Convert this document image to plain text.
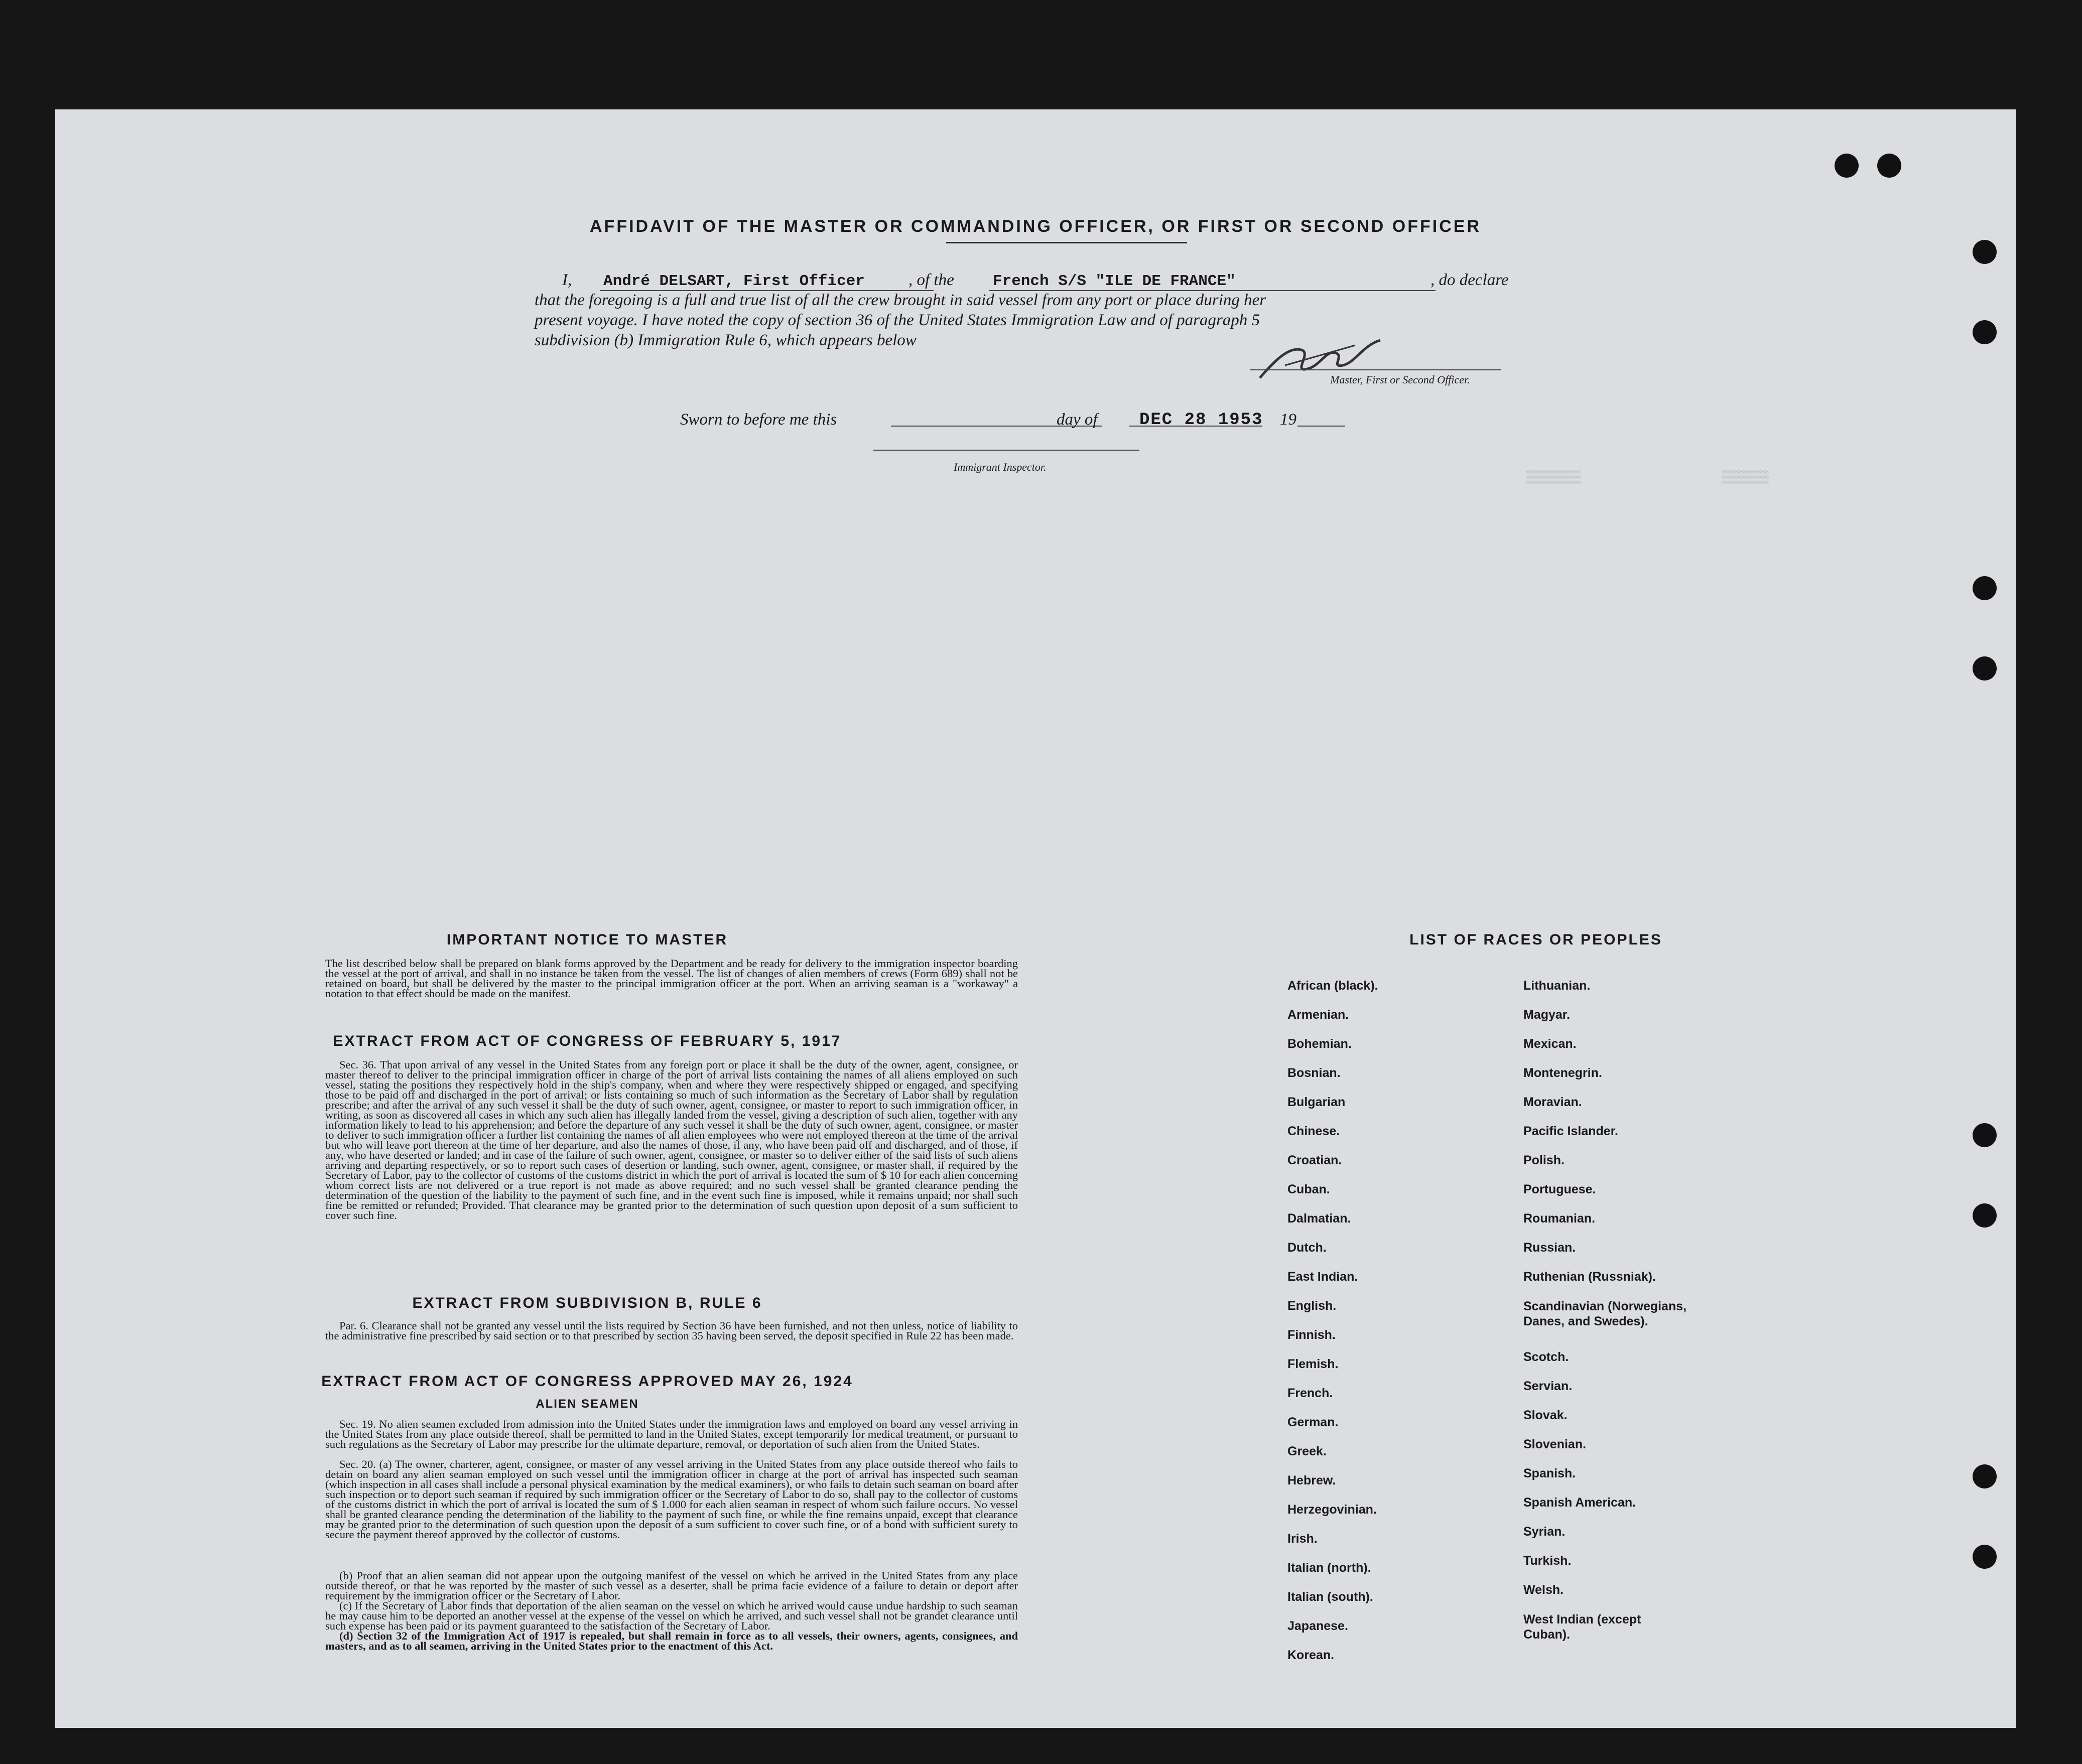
▒▒▒▒▒▒▒	▒▒▒▒▒▒
AFFIDAVIT OF THE MASTER OR COMMANDING OFFICER, OR FIRST OR SECOND OFFICER
I, André DELSART, First Officer	, of the French S/S "ILE DE FRANCE"	, do declare
that the foregoing is a full and true list of all the crew brought in said vessel from any port or place during her
present voyage. I have noted the copy of section 36 of the United States Immigration Law and of paragraph 5
subdivision (b) Immigration Rule 6, which appears below
Master, First or Second Officer.
Sworn to before me this	day of DEC 28 1953 19
Immigrant Inspector.
IMPORTANT NOTICE TO MASTER
The list described below shall be prepared on blank forms approved by the Department and be ready for delivery to the immigration inspector boarding the vessel at the port of arrival, and shall in no instance be taken from the vessel. The list of changes of alien members of crews (Form 689) shall not be retained on board, but shall be delivered by the master to the principal immigration officer at the port. When an arriving seaman is a "workaway" a notation to that effect should be made on the manifest.
EXTRACT FROM ACT OF CONGRESS OF FEBRUARY 5, 1917
Sec. 36. That upon arrival of any vessel in the United States from any foreign port or place it shall be the duty of the owner, agent, consignee, or master thereof to deliver to the principal immigration officer in charge of the port of arrival lists containing the names of all aliens employed on such vessel, stating the positions they respectively hold in the ship's company, when and where they were respectively shipped or engaged, and specifying those to be paid off and discharged in the port of arrival; or lists containing so much of such information as the Secretary of Labor shall by regulation prescribe; and after the arrival of any such vessel it shall be the duty of such owner, agent, consignee, or master to report to such immigration officer, in writing, as soon as discovered all cases in which any such alien has illegally landed from the vessel, giving a description of such alien, together with any information likely to lead to his apprehension; and before the departure of any such vessel it shall be the duty of such owner, agent, consignee, or master to deliver to such immigration officer a further list containing the names of all alien employees who were not employed thereon at the time of the arrival but who will leave port thereon at the time of her departure, and also the names of those, if any, who have been paid off and discharged, and of those, if any, who have deserted or landed; and in case of the failure of such owner, agent, consignee, or master so to deliver either of the said lists of such aliens arriving and departing respectively, or so to report such cases of desertion or landing, such owner, agent, consignee, or master shall, if required by the Secretary of Labor, pay to the collector of customs of the customs district in which the port of arrival is located the sum of $ 10 for each alien concerning whom correct lists are not delivered or a true report is not made as above required; and no such vessel shall be granted clearance pending the determination of the question of the liability to the payment of such fine, and in the event such fine is imposed, while it remains unpaid; nor shall such fine be remitted or refunded; Provided. That clearance may be granted prior to the determination of such question upon deposit of a sum sufficient to cover such fine.
EXTRACT FROM SUBDIVISION B, RULE 6
Par. 6. Clearance shall not be granted any vessel until the lists required by Section 36 have been furnished, and not then unless, notice of liability to the administrative fine prescribed by said section or to that prescribed by section 35 having been served, the deposit specified in Rule 22 has been made.
EXTRACT FROM ACT OF CONGRESS APPROVED MAY 26, 1924
ALIEN SEAMEN
Sec. 19. No alien seamen excluded from admission into the United States under the immigration laws and employed on board any vessel arriving in the United States from any place outside thereof, shall be permitted to land in the United States, except temporarily for medical treatment, or pursuant to such regulations as the Secretary of Labor may prescribe for the ultimate departure, removal, or deportation of such alien from the United States.
Sec. 20. (a) The owner, charterer, agent, consignee, or master of any vessel arriving in the United States from any place outside thereof who fails to detain on board any alien seaman employed on such vessel until the immigration officer in charge at the port of arrival has inspected such seaman (which inspection in all cases shall include a personal physical examination by the medical examiners), or who fails to detain such seaman on board after such inspection or to deport such seaman if required by such immigration officer or the Secretary of Labor to do so, shall pay to the collector of customs of the customs district in which the port of arrival is located the sum of $ 1.000 for each alien seaman in respect of whom such failure occurs. No vessel shall be granted clearance pending the determination of the liability to the payment of such fine, or while the fine remains unpaid, except that clearance may be granted prior to the determination of such question upon the deposit of a sum sufficient to cover such fine, or of a bond with sufficient surety to secure the payment thereof approved by the collector of customs.
(b) Proof that an alien seaman did not appear upon the outgoing manifest of the vessel on which he arrived in the United States from any place outside thereof, or that he was reported by the master of such vessel as a deserter, shall be prima facie evidence of a failure to detain or deport after requirement by the immigration officer or the Secretary of Labor.
(c) If the Secretary of Labor finds that deportation of the alien seaman on the vessel on which he arrived would cause undue hardship to such seaman he may cause him to be deported an another vessel at the expense of the vessel on which he arrived, and such vessel shall not be grandet clearance until such expense has been paid or its payment guaranteed to the satisfaction of the Secretary of Labor.
(d) Section 32 of the Immigration Act of 1917 is repealed, but shall remain in force as to all vessels, their owners, agents, consignees, and masters, and as to all seamen, arriving in the United States prior to the enactment of this Act.
LIST OF RACES OR PEOPLES
African (black).
Armenian.
Bohemian.
Bosnian.
Bulgarian
Chinese.
Croatian.
Cuban.
Dalmatian.
Dutch.
East Indian.
English.
Finnish.
Flemish.
French.
German.
Greek.
Hebrew.
Herzegovinian.
Irish.
Italian (north).
Italian (south).
Japanese.
Korean.
Lithuanian.
Magyar.
Mexican.
Montenegrin.
Moravian.
Pacific Islander.
Polish.
Portuguese.
Roumanian.
Russian.
Ruthenian (Russniak).
Scandinavian (Norwegians, Danes, and Swedes).
Scotch.
Servian.
Slovak.
Slovenian.
Spanish.
Spanish American.
Syrian.
Turkish.
Welsh.
West Indian (except Cuban).
